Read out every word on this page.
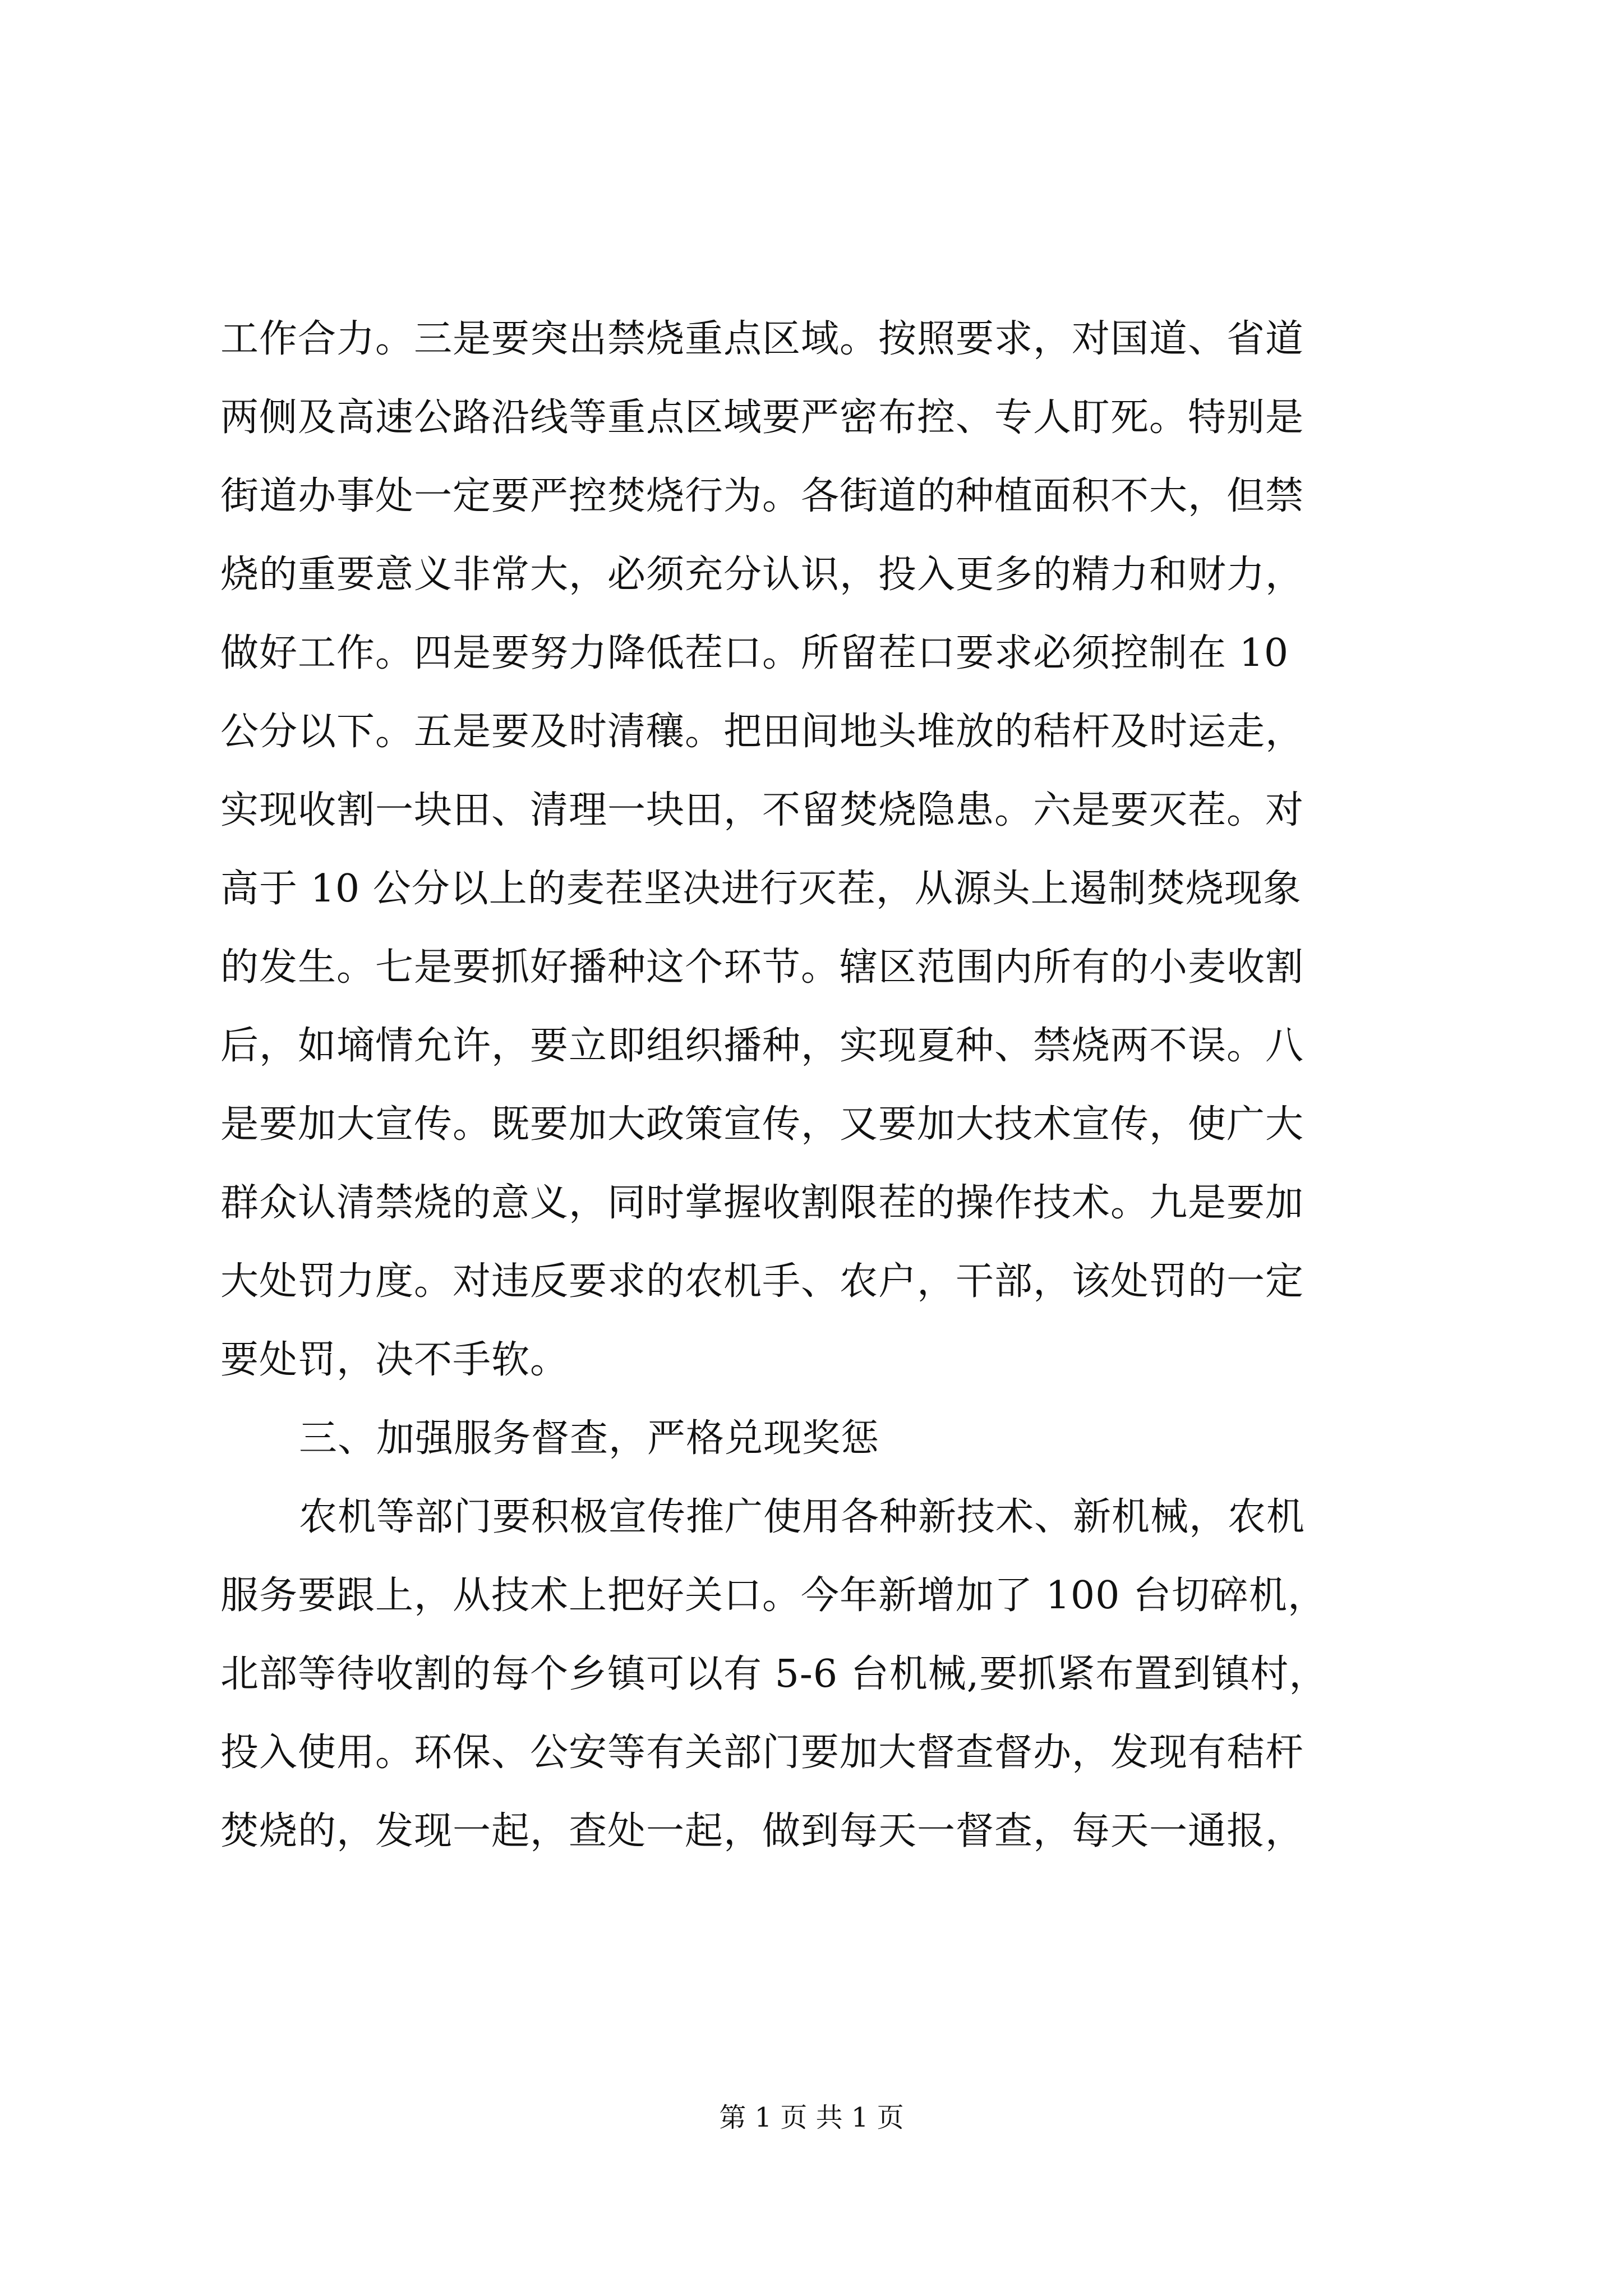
工作合力。三是要突出禁烧重点区域。按照要求，对国道、省道
两侧及高速公路沿线等重点区域要严密布控、专人盯死。特别是
街道办事处一定要严控焚烧行为。各街道的种植面积不大，但禁
烧的重要意义非常大，必须充分认识，投入更多的精力和财力，
做好工作。四是要努力降低茬口。所留茬口要求必须控制在 10
公分以下。五是要及时清穰。把田间地头堆放的秸杆及时运走，
实现收割一块田、清理一块田，不留焚烧隐患。六是要灭茬。对
高于 10 公分以上的麦茬坚决进行灭茬，从源头上遏制焚烧现象
的发生。七是要抓好播种这个环节。辖区范围内所有的小麦收割
后，如墒情允许，要立即组织播种，实现夏种、禁烧两不误。八
是要加大宣传。既要加大政策宣传，又要加大技术宣传，使广大
群众认清禁烧的意义，同时掌握收割限茬的操作技术。九是要加
大处罚力度。对违反要求的农机手、农户，干部，该处罚的一定
要处罚，决不手软。
三、加强服务督查，严格兑现奖惩
农机等部门要积极宣传推广使用各种新技术、新机械，农机
服务要跟上，从技术上把好关口。今年新增加了 100 台切碎机，
北部等待收割的每个乡镇可以有 5-6 台机械,要抓紧布置到镇村，
投入使用。环保、公安等有关部门要加大督查督办，发现有秸杆
焚烧的，发现一起，查处一起，做到每天一督查，每天一通报，
第 1 页 共 1 页
